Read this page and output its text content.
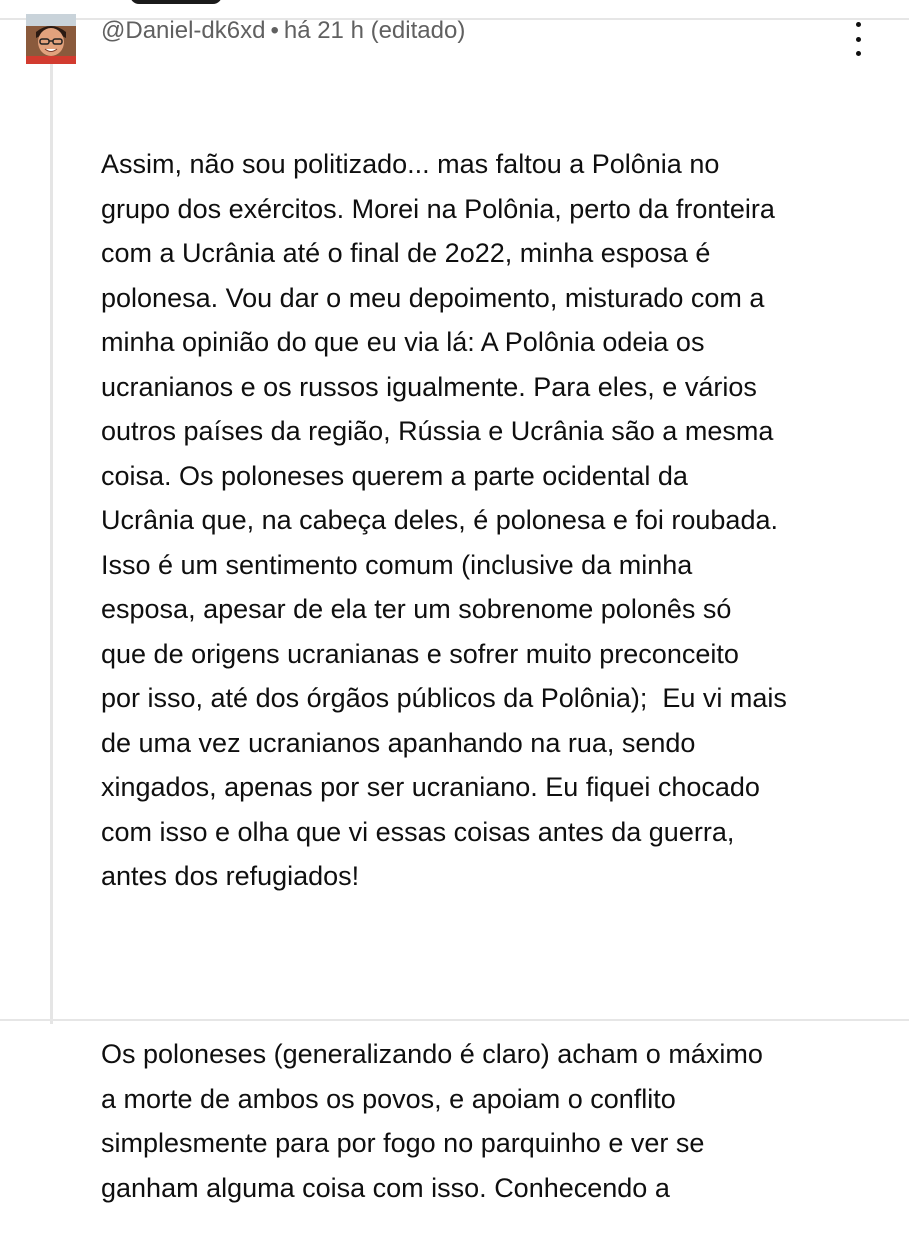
@Daniel-dk6xd • há 21 h (editado)

Assim, não sou politizado... mas faltou a Polônia no
grupo dos exércitos. Morei na Polônia, perto da fronteira
com a Ucrânia até o final de 2o22, minha esposa é
polonesa. Vou dar o meu depoimento, misturado com a
minha opinião do que eu via lá: A Polônia odeia os
ucranianos e os russos igualmente. Para eles, e vários
outros países da região, Rússia e Ucrânia são a mesma
coisa. Os poloneses querem a parte ocidental da
Ucrânia que, na cabeça deles, é polonesa e foi roubada.
Isso é um sentimento comum (inclusive da minha
esposa, apesar de ela ter um sobrenome polonês só
que de origens ucranianas e sofrer muito preconceito
por isso, até dos órgãos públicos da Polônia);  Eu vi mais
de uma vez ucranianos apanhando na rua, sendo
xingados, apenas por ser ucraniano. Eu fiquei chocado
com isso e olha que vi essas coisas antes da guerra,
antes dos refugiados!

Os poloneses (generalizando é claro) acham o máximo
a morte de ambos os povos, e apoiam o conflito
simplesmente para por fogo no parquinho e ver se
ganham alguma coisa com isso. Conhecendo a
